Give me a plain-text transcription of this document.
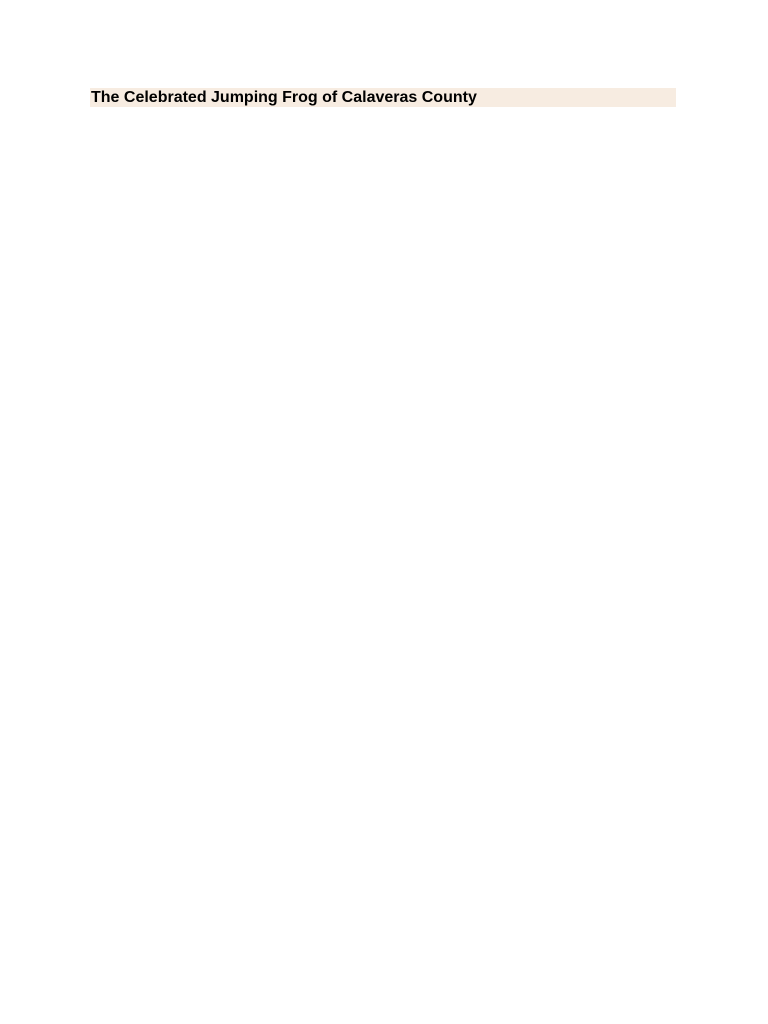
The Celebrated Jumping Frog of Calaveras County
